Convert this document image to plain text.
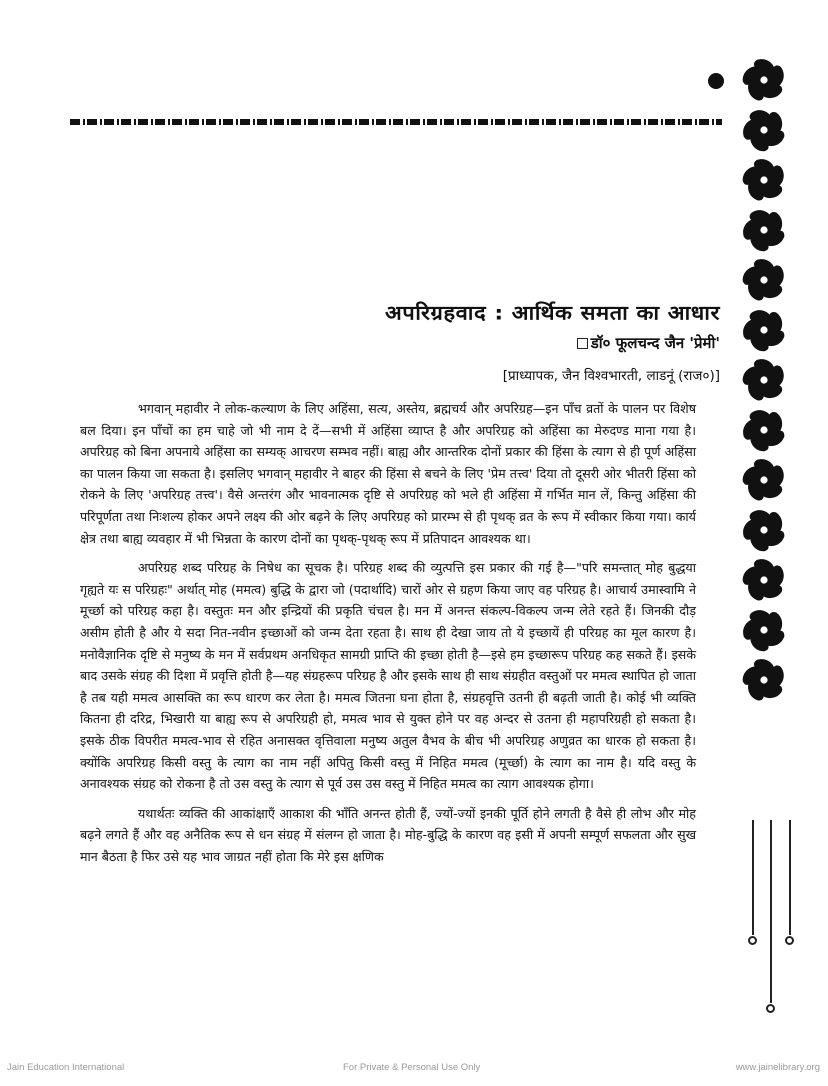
अपरिग्रहवाद : आर्थिक समता का आधार
डॉ० फूलचन्द जैन 'प्रेमी'
[प्राध्यापक, जैन विश्वभारती, लाडनूं (राज०)]

भगवान् महावीर ने लोक-कल्याण के लिए अहिंसा, सत्य, अस्तेय, ब्रह्मचर्य और अपरिग्रह—इन पाँच व्रतों के पालन पर विशेष बल दिया। इन पाँचों का हम चाहे जो भी नाम दे दें—सभी में अहिंसा व्याप्त है और अपरिग्रह को अहिंसा का मेरुदण्ड माना गया है। अपरिग्रह को बिना अपनाये अहिंसा का सम्यक् आचरण सम्भव नहीं। बाह्य और आन्तरिक दोनों प्रकार की हिंसा के त्याग से ही पूर्ण अहिंसा का पालन किया जा सकता है। इसलिए भगवान् महावीर ने बाहर की हिंसा से बचने के लिए 'प्रेम तत्त्व' दिया तो दूसरी ओर भीतरी हिंसा को रोकने के लिए 'अपरिग्रह तत्त्व'। वैसे अन्तरंग और भावनात्मक दृष्टि से अपरिग्रह को भले ही अहिंसा में गर्भित मान लें, किन्तु अहिंसा की परिपूर्णता तथा निःशल्य होकर अपने लक्ष्य की ओर बढ़ने के लिए अपरिग्रह को प्रारम्भ से ही पृथक् व्रत के रूप में स्वीकार किया गया। कार्य क्षेत्र तथा बाह्य व्यवहार में भी भिन्नता के कारण दोनों का पृथक्-पृथक् रूप में प्रतिपादन आवश्यक था।

अपरिग्रह शब्द परिग्रह के निषेध का सूचक है। परिग्रह शब्द की व्युत्पत्ति इस प्रकार की गई है—"परि समन्तात् मोह बुद्धया गृह्यते यः स परिग्रहः" अर्थात् मोह (ममत्व) बुद्धि के द्वारा जो (पदार्थादि) चारों ओर से ग्रहण किया जाए वह परिग्रह है। आचार्य उमास्वामि ने मूर्च्छा को परिग्रह कहा है। वस्तुतः मन और इन्द्रियों की प्रकृति चंचल है। मन में अनन्त संकल्प-विकल्प जन्म लेते रहते हैं। जिनकी दौड़ असीम होती है और ये सदा नित-नवीन इच्छाओं को जन्म देता रहता है। साथ ही देखा जाय तो ये इच्छायें ही परिग्रह का मूल कारण है। मनोवैज्ञानिक दृष्टि से मनुष्य के मन में सर्वप्रथम अनधिकृत सामग्री प्राप्ति की इच्छा होती है—इसे हम इच्छारूप परिग्रह कह सकते हैं। इसके बाद उसके संग्रह की दिशा में प्रवृत्ति होती है—यह संग्रहरूप परिग्रह है और इसके साथ ही साथ संग्रहीत वस्तुओं पर ममत्व स्थापित हो जाता है तब यही ममत्व आसक्ति का रूप धारण कर लेता है। ममत्व जितना घना होता है, संग्रहवृत्ति उतनी ही बढ़ती जाती है। कोई भी व्यक्ति कितना ही दरिद्र, भिखारी या बाह्य रूप से अपरिग्रही हो, ममत्व भाव से युक्त होने पर वह अन्दर से उतना ही महापरिग्रही हो सकता है। इसके ठीक विपरीत ममत्व-भाव से रहित अनासक्त वृत्तिवाला मनुष्य अतुल वैभव के बीच भी अपरिग्रह अणुव्रत का धारक हो सकता है। क्योंकि अपरिग्रह किसी वस्तु के त्याग का नाम नहीं अपितु किसी वस्तु में निहित ममत्व (मूर्च्छा) के त्याग का नाम है। यदि वस्तु के अनावश्यक संग्रह को रोकना है तो उस वस्तु के त्याग से पूर्व उस उस वस्तु में निहित ममत्व का त्याग आवश्यक होगा।

यथार्थतः व्यक्ति की आकांक्षाएँ आकाश की भाँति अनन्त होती हैं, ज्यों-ज्यों इनकी पूर्ति होने लगती है वैसे ही लोभ और मोह बढ़ने लगते हैं और वह अनैतिक रूप से धन संग्रह में संलग्न हो जाता है। मोह-बुद्धि के कारण वह इसी में अपनी सम्पूर्ण सफलता और सुख मान बैठता है फिर उसे यह भाव जाग्रत नहीं होता कि मेरे इस क्षणिक

Jain Education International	For Private & Personal Use Only	www.jainelibrary.org
